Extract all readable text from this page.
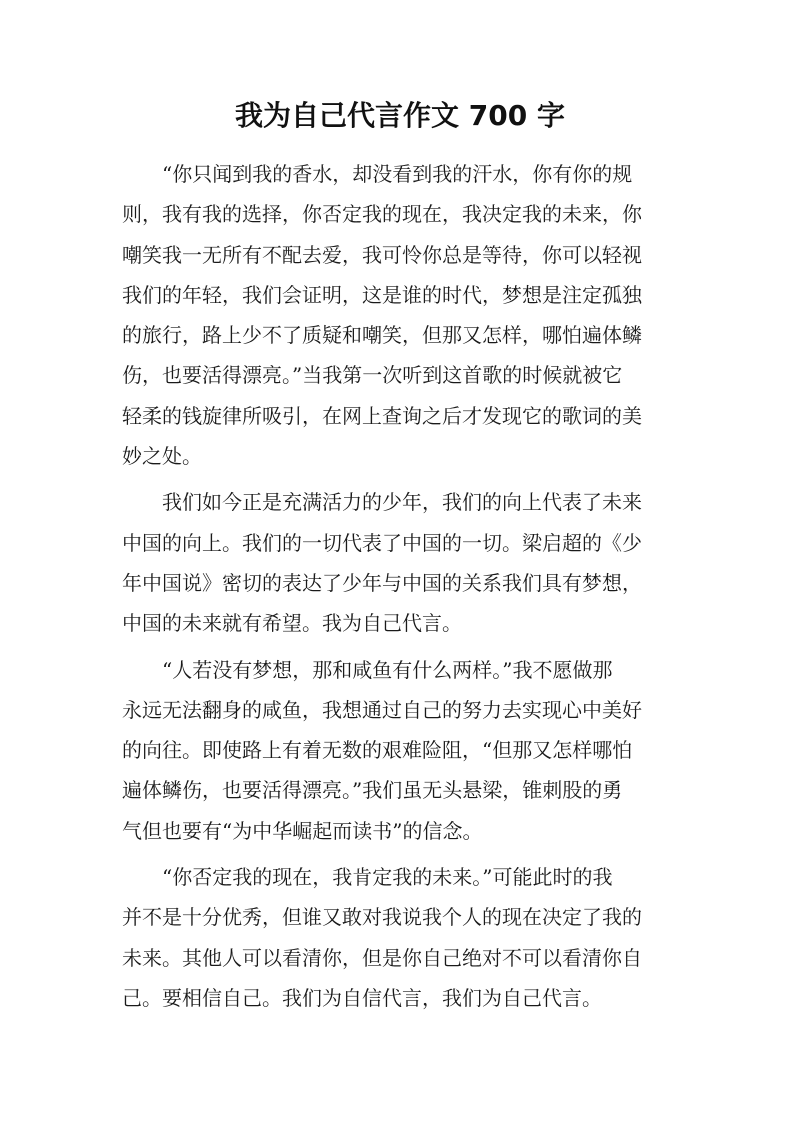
我为自己代言作文 700 字
“你只闻到我的香水，却没看到我的汗水，你有你的规
则，我有我的选择，你否定我的现在，我决定我的未来，你
嘲笑我一无所有不配去爱，我可怜你总是等待，你可以轻视
我们的年轻，我们会证明，这是谁的时代，梦想是注定孤独
的旅行，路上少不了质疑和嘲笑，但那又怎样，哪怕遍体鳞
伤，也要活得漂亮。”当我第一次听到这首歌的时候就被它
轻柔的钱旋律所吸引，在网上查询之后才发现它的歌词的美
妙之处。
我们如今正是充满活力的少年，我们的向上代表了未来
中国的向上。我们的一切代表了中国的一切。梁启超的《少
年中国说》密切的表达了少年与中国的关系我们具有梦想，
中国的未来就有希望。我为自己代言。
“人若没有梦想，那和咸鱼有什么两样。”我不愿做那
永远无法翻身的咸鱼，我想通过自己的努力去实现心中美好
的向往。即使路上有着无数的艰难险阻，“但那又怎样哪怕
遍体鳞伤，也要活得漂亮。”我们虽无头悬梁，锥刺股的勇
气但也要有“为中华崛起而读书”的信念。
“你否定我的现在，我肯定我的未来。”可能此时的我
并不是十分优秀，但谁又敢对我说我个人的现在决定了我的
未来。其他人可以看清你，但是你自己绝对不可以看清你自
己。要相信自己。我们为自信代言，我们为自己代言。
